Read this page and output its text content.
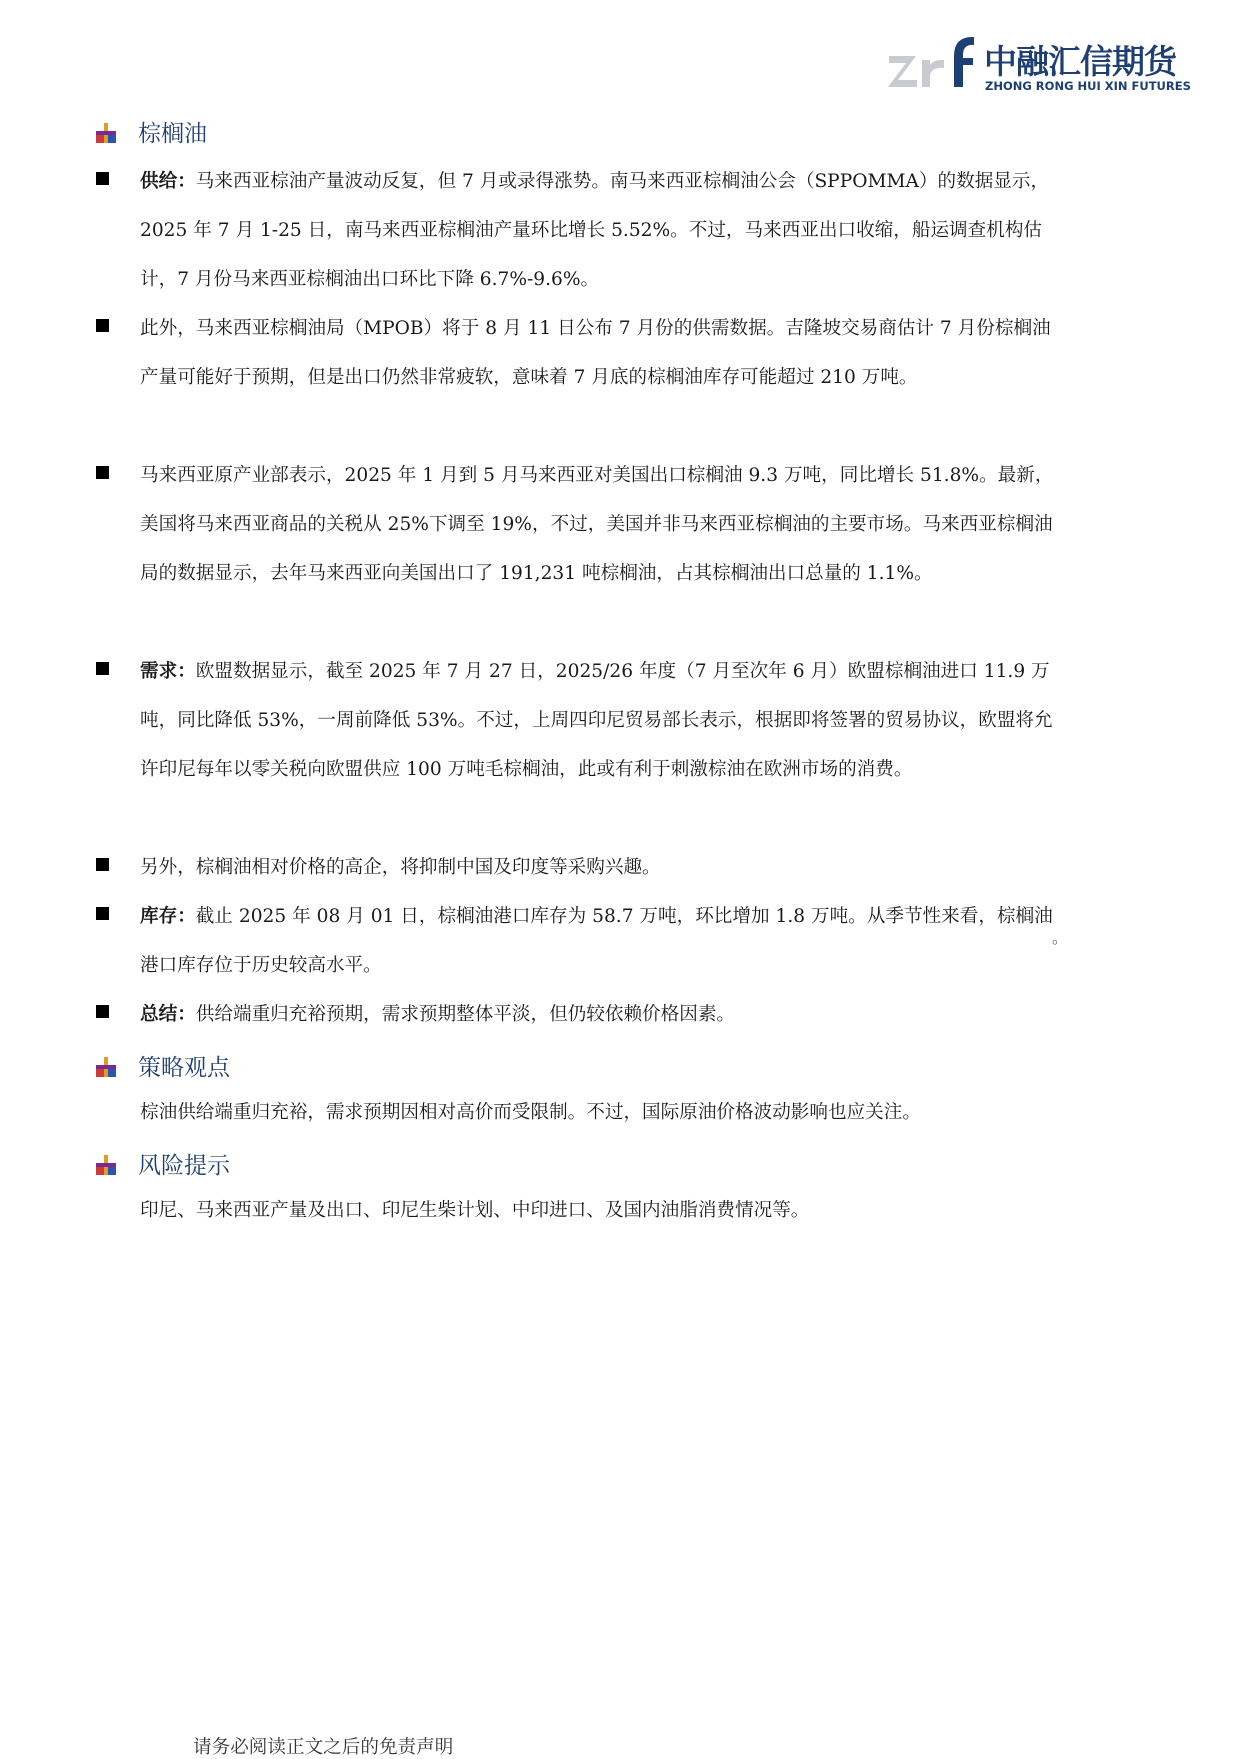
中融汇信期货
ZHONG RONG HUI XIN FUTURES
棕榈油
供给：马来西亚棕油产量波动反复，但 7 月或录得涨势。南马来西亚棕榈油公会（SPPOMMA）的数据显示，2025 年 7 月 1-25 日，南马来西亚棕榈油产量环比增长 5.52%。不过，马来西亚出口收缩，船运调查机构估计，7 月份马来西亚棕榈油出口环比下降 6.7%-9.6%。
此外，马来西亚棕榈油局（MPOB）将于 8 月 11 日公布 7 月份的供需数据。吉隆坡交易商估计 7 月份棕榈油产量可能好于预期，但是出口仍然非常疲软，意味着 7 月底的棕榈油库存可能超过 210 万吨。
马来西亚原产业部表示，2025 年 1 月到 5 月马来西亚对美国出口棕榈油 9.3 万吨，同比增长 51.8%。最新，美国将马来西亚商品的关税从 25%下调至 19%，不过，美国并非马来西亚棕榈油的主要市场。马来西亚棕榈油局的数据显示，去年马来西亚向美国出口了 191,231 吨棕榈油，占其棕榈油出口总量的 1.1%。
需求：欧盟数据显示，截至 2025 年 7 月 27 日，2025/26 年度（7 月至次年 6 月）欧盟棕榈油进口 11.9 万吨，同比降低 53%，一周前降低 53%。不过，上周四印尼贸易部长表示，根据即将签署的贸易协议，欧盟将允许印尼每年以零关税向欧盟供应 100 万吨毛棕榈油，此或有利于刺激棕油在欧洲市场的消费。
另外，棕榈油相对价格的高企，将抑制中国及印度等采购兴趣。
库存：截止 2025 年 08 月 01 日，棕榈油港口库存为 58.7 万吨，环比增加 1.8 万吨。从季节性来看，棕榈油港口库存位于历史较高水平。
。
总结：供给端重归充裕预期，需求预期整体平淡，但仍较依赖价格因素。
策略观点
棕油供给端重归充裕，需求预期因相对高价而受限制。不过，国际原油价格波动影响也应关注。
风险提示
印尼、马来西亚产量及出口、印尼生柴计划、中印进口、及国内油脂消费情况等。
请务必阅读正文之后的免责声明
